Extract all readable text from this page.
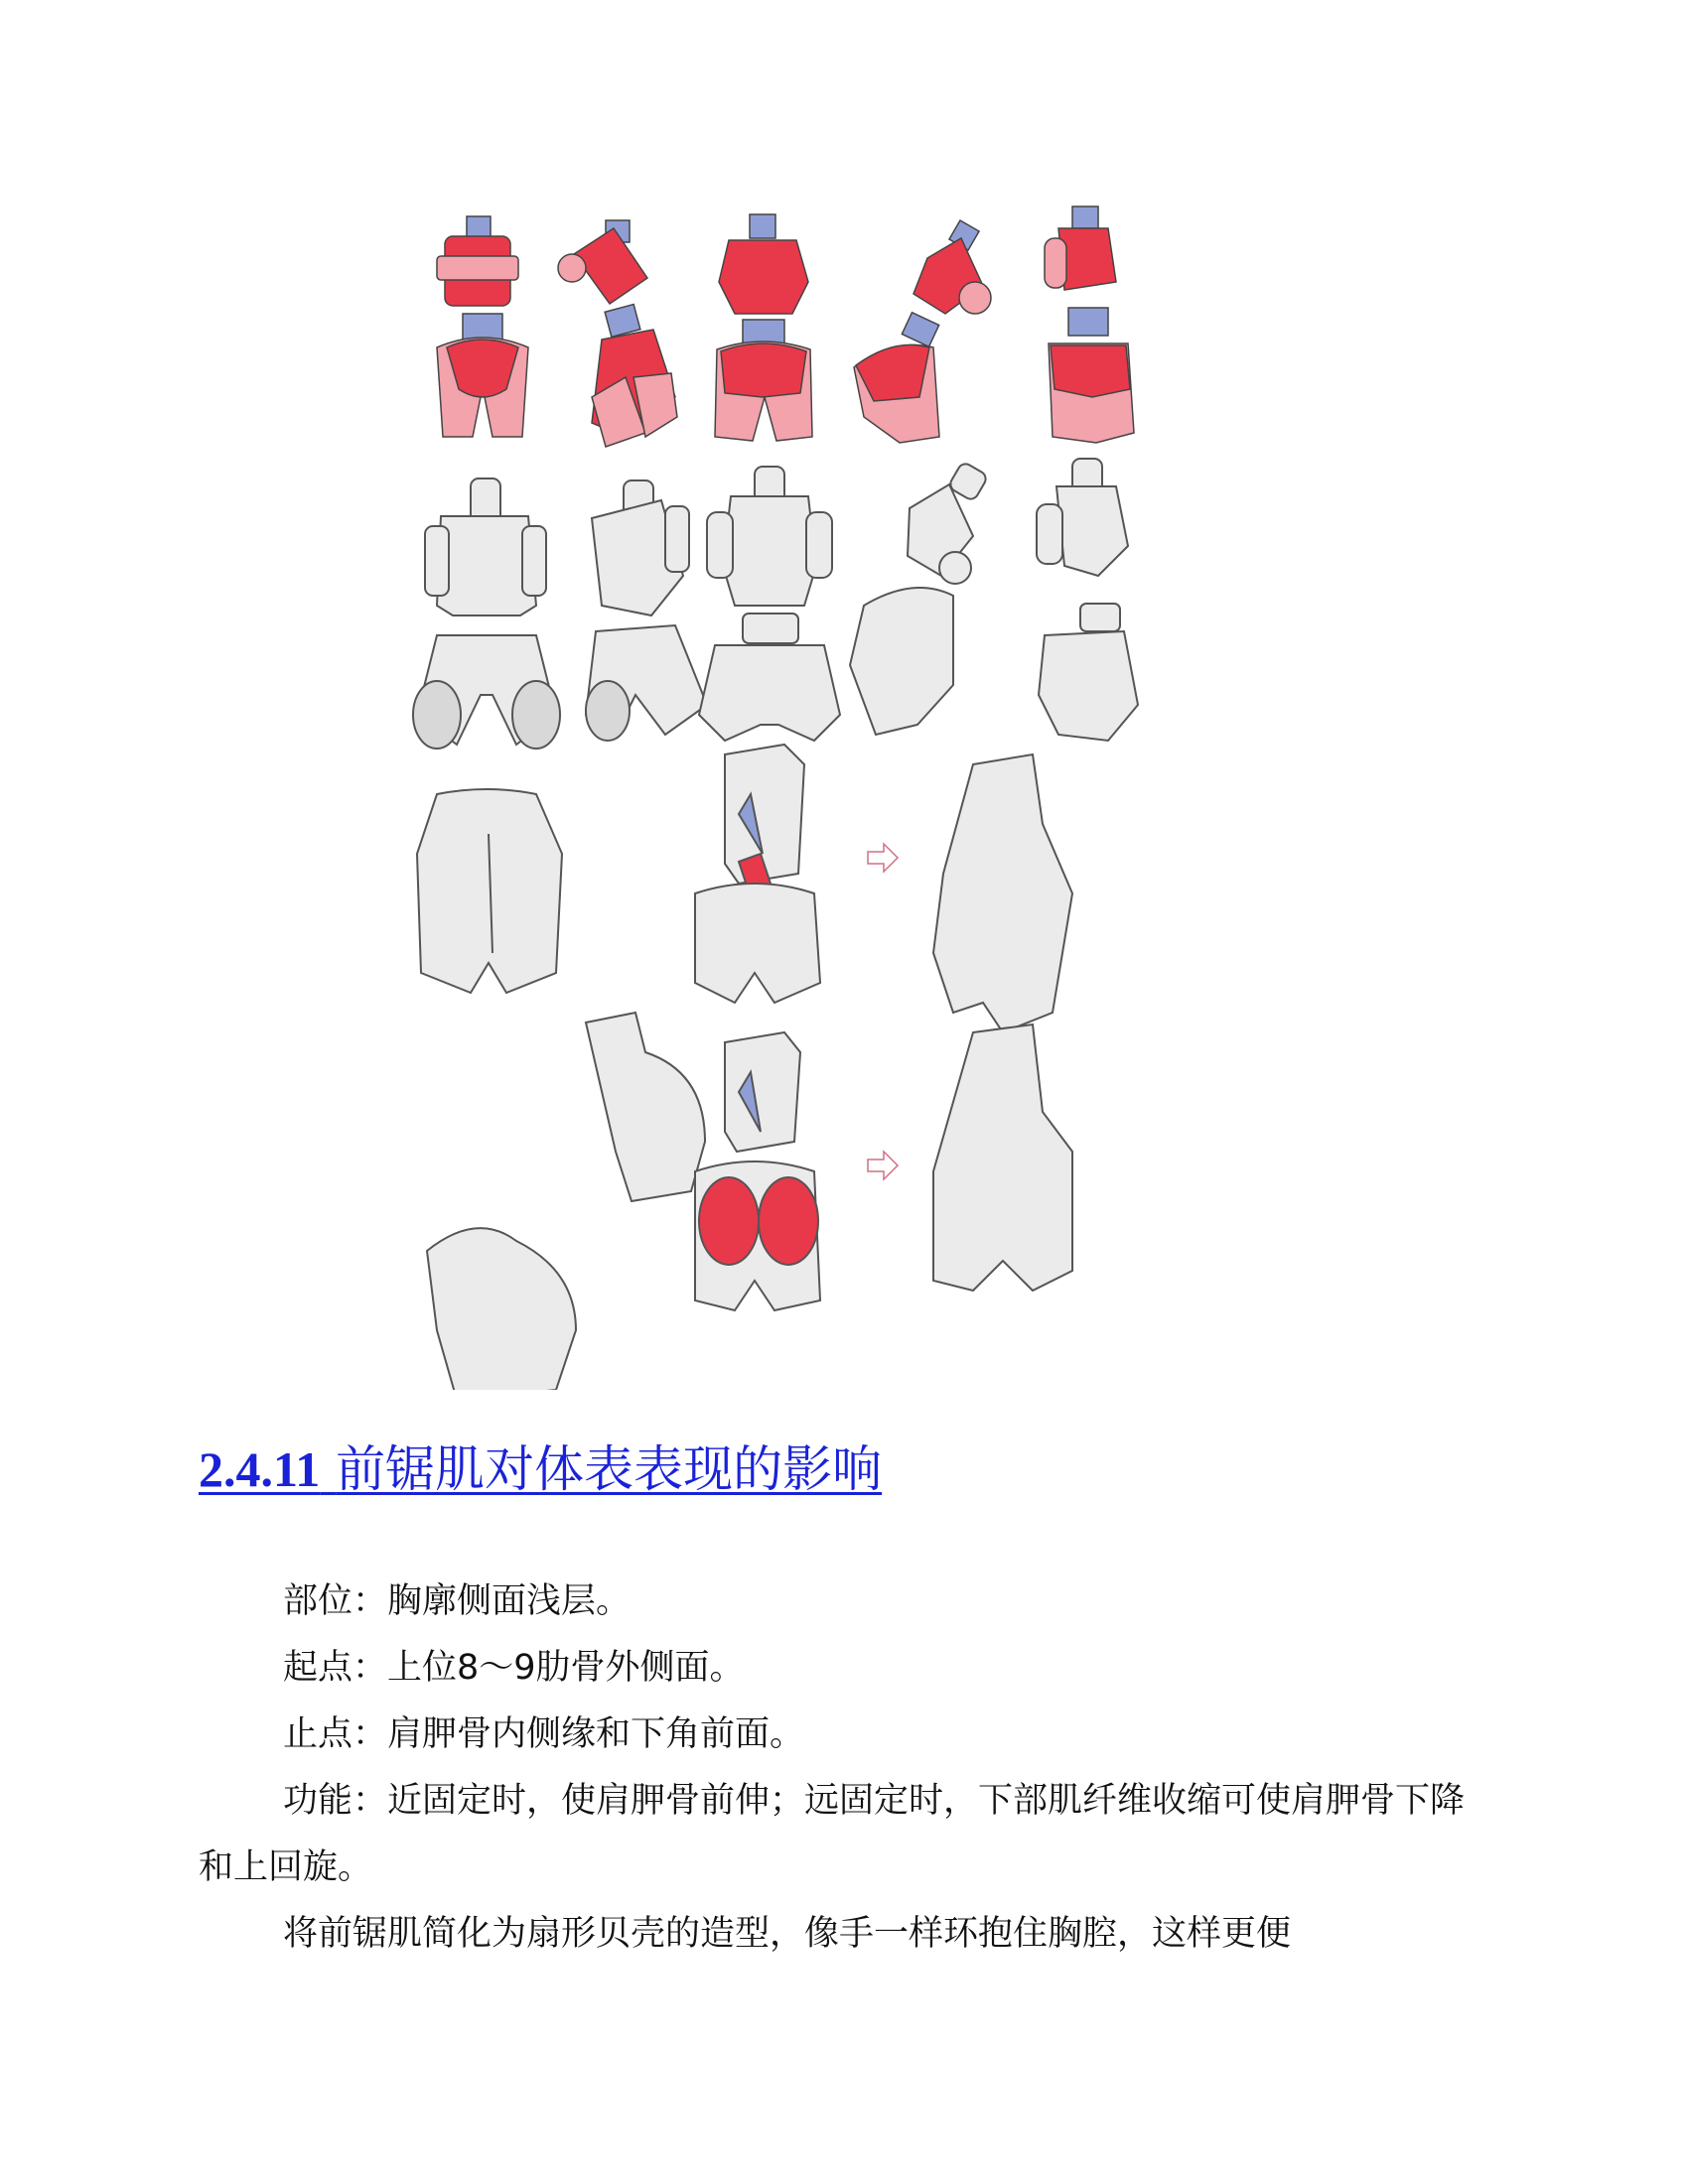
2.4.11 前锯肌对体表表现的影响

部位：胸廓侧面浅层。

起点：上位8～9肋骨外侧面。

止点：肩胛骨内侧缘和下角前面。

功能：近固定时，使肩胛骨前伸；远固定时，下部肌纤维收缩可使肩胛骨下降和上回旋。

将前锯肌简化为扇形贝壳的造型，像手一样环抱住胸腔，这样更便
